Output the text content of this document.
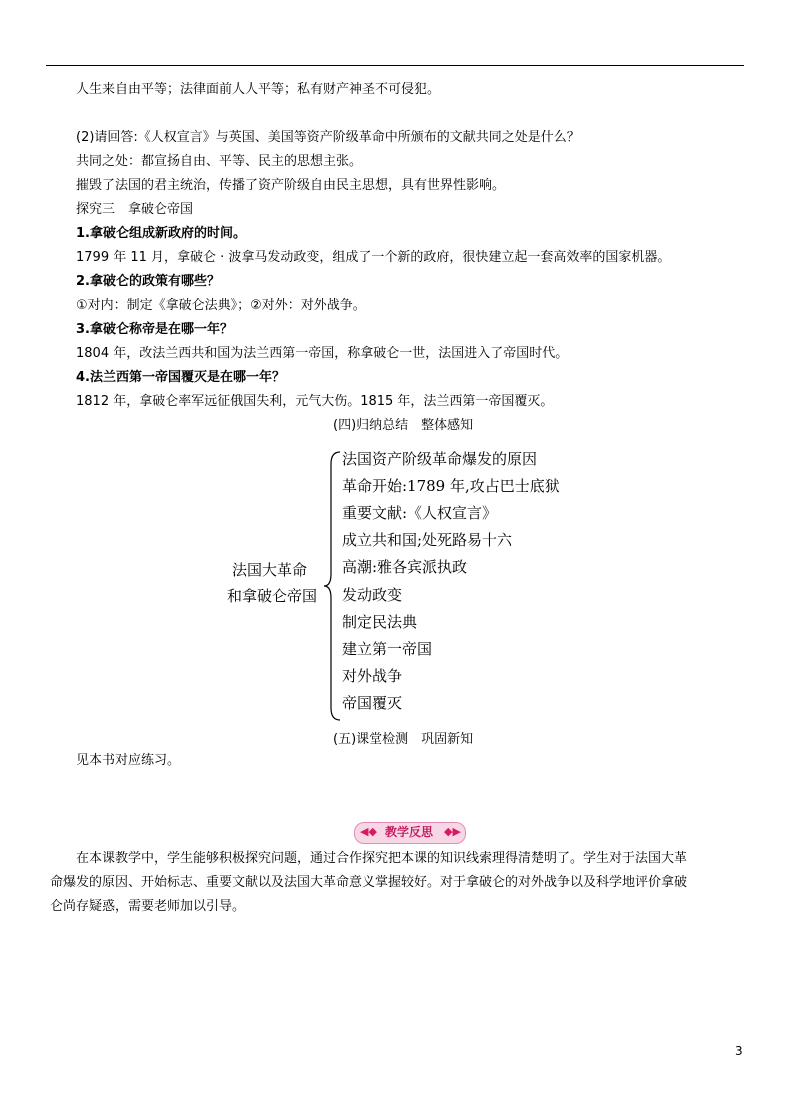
人生来自由平等；法律面前人人平等；私有财产神圣不可侵犯。
(2)请回答:《人权宣言》与英国、美国等资产阶级革命中所颁布的文献共同之处是什么？
共同之处：都宣扬自由、平等、民主的思想主张。
摧毁了法国的君主统治，传播了资产阶级自由民主思想，具有世界性影响。
探究三　拿破仑帝国
1.拿破仑组成新政府的时间。
1799 年 11 月，拿破仑 · 波拿马发动政变，组成了一个新的政府，很快建立起一套高效率的国家机器。
2.拿破仑的政策有哪些？
①对内：制定《拿破仑法典》；②对外：对外战争。
3.拿破仑称帝是在哪一年？
1804 年，改法兰西共和国为法兰西第一帝国，称拿破仑一世，法国进入了帝国时代。
4.法兰西第一帝国覆灭是在哪一年？
1812 年，拿破仑率军远征俄国失利，元气大伤。1815 年，法兰西第一帝国覆灭。
(四)归纳总结　整体感知
法国大革命
和拿破仑帝国
法国资产阶级革命爆发的原因
革命开始:1789 年,攻占巴士底狱
重要文献:《人权宣言》
成立共和国;处死路易十六
高潮:雅各宾派执政
发动政变
制定民法典
建立第一帝国
对外战争
帝国覆灭
(五)课堂检测　巩固新知
见本书对应练习。
◀◆ 教学反思	◆▶
在本课教学中，学生能够积极探究问题，通过合作探究把本课的知识线索理得清楚明了。学生对于法国大革
命爆发的原因、开始标志、重要文献以及法国大革命意义掌握较好。对于拿破仑的对外战争以及科学地评价拿破
仑尚存疑惑，需要老师加以引导。
3
